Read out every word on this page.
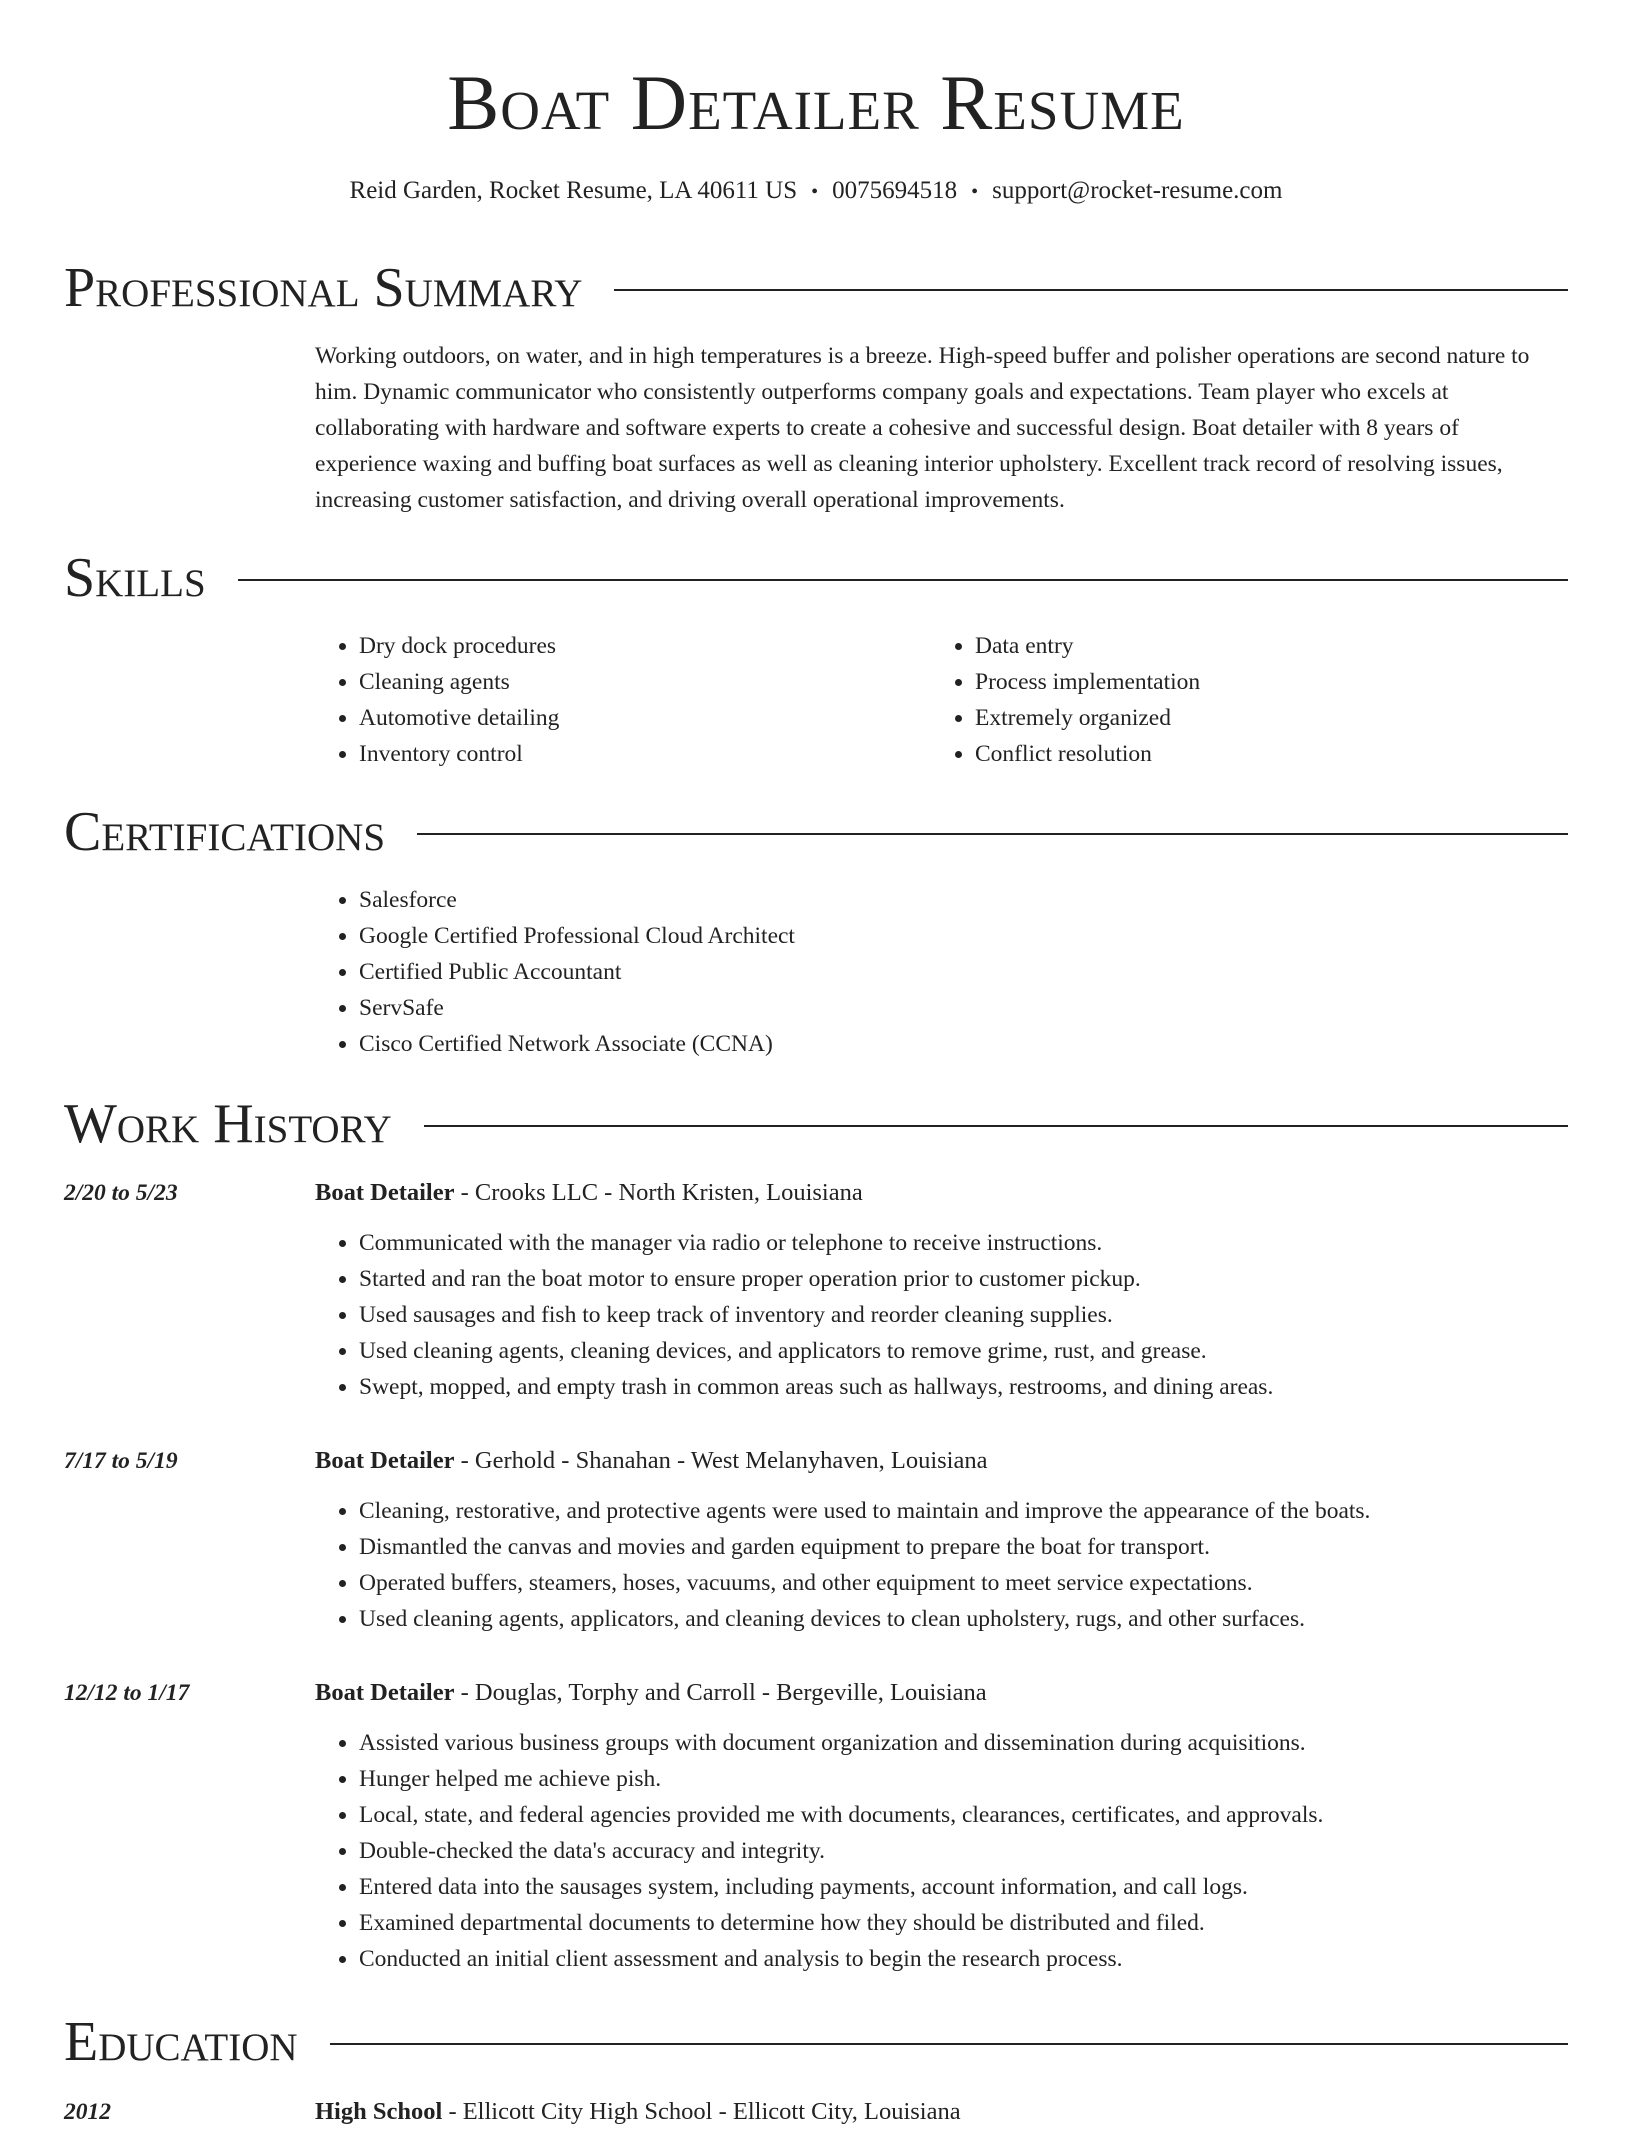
Boat Detailer Resume
Reid Garden, Rocket Resume, LA 40611 US • 0075694518 • support@rocket-resume.com
Professional Summary

Working outdoors, on water, and in high temperatures is a breeze. High-speed buffer and polisher operations are second nature to him. Dynamic communicator who consistently outperforms company goals and expectations. Team player who excels at collaborating with hardware and software experts to create a cohesive and successful design. Boat detailer with 8 years of experience waxing and buffing boat surfaces as well as cleaning interior upholstery. Excellent track record of resolving issues, increasing customer satisfaction, and driving overall operational improvements.

Skills
• Dry dock procedures
• Cleaning agents
• Automotive detailing
• Inventory control
• Data entry
• Process implementation
• Extremely organized
• Conflict resolution
Certifications
• Salesforce
• Google Certified Professional Cloud Architect
• Certified Public Accountant
• ServSafe
• Cisco Certified Network Associate (CCNA)
Work History
2/20 to 5/23	Boat Detailer - Crooks LLC - North Kristen, Louisiana
• Communicated with the manager via radio or telephone to receive instructions.
• Started and ran the boat motor to ensure proper operation prior to customer pickup.
• Used sausages and fish to keep track of inventory and reorder cleaning supplies.
• Used cleaning agents, cleaning devices, and applicators to remove grime, rust, and grease.
• Swept, mopped, and empty trash in common areas such as hallways, restrooms, and dining areas.
7/17 to 5/19	Boat Detailer - Gerhold - Shanahan - West Melanyhaven, Louisiana
• Cleaning, restorative, and protective agents were used to maintain and improve the appearance of the boats.
• Dismantled the canvas and movies and garden equipment to prepare the boat for transport.
• Operated buffers, steamers, hoses, vacuums, and other equipment to meet service expectations.
• Used cleaning agents, applicators, and cleaning devices to clean upholstery, rugs, and other surfaces.
12/12 to 1/17	Boat Detailer - Douglas, Torphy and Carroll - Bergeville, Louisiana
• Assisted various business groups with document organization and dissemination during acquisitions.
• Hunger helped me achieve pish.
• Local, state, and federal agencies provided me with documents, clearances, certificates, and approvals.
• Double-checked the data's accuracy and integrity.
• Entered data into the sausages system, including payments, account information, and call logs.
• Examined departmental documents to determine how they should be distributed and filed.
• Conducted an initial client assessment and analysis to begin the research process.
Education
2012	High School - Ellicott City High School - Ellicott City, Louisiana
